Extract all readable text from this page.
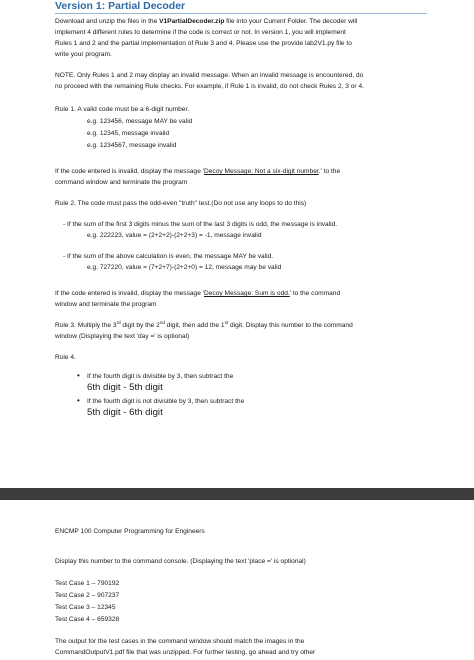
Version 1: Partial Decoder
Download and unzip the files in the V1PartialDecoder.zip file into your Current Folder. The decoder will
implement 4 different rules to determine if the code is correct or not. In version 1, you will implement
Rules 1 and 2 and the partial implementation of Rule 3 and 4. Please use the provide lab2V1.py file to
write your program.
NOTE. Only Rules 1 and 2 may display an invalid message. When an invalid message is encountered, do
no proceed with the remaining Rule checks. For example, if Rule 1 is invalid, do not check Rules 2, 3 or 4.
Rule 1. A valid code must be a 6-digit number.
e.g. 123456, message MAY be valid
e.g. 12345, message invalid
e.g. 1234567, message invalid
If the code entered is invalid, display the message 'Decoy Message: Not a six-digit number.' to the
command window and terminate the program
Rule 2. The code must pass the odd-even "truth" test.(Do not use any loops to do this)
- If the sum of the first 3 digits minus the sum of the last 3 digits is odd, the message is invalid.
e.g. 222223, value = (2+2+2)-(2+2+3) = -1, message invalid
- If the sum of the above calculation is even, the message MAY be valid.
e.g. 727220, value = (7+2+7)-(2+2+0) = 12, message may be valid
If the code entered is invalid, display the message 'Decoy Message: Sum is odd.' to the command
window and terminate the program
Rule 3. Multiply the 3rd digit by the 2nd digit, then add the 1st digit. Display this number to the command
window (Displaying the text 'day =' is optional)
Rule 4.
• If the fourth digit is divisible by 3, then subtract the
6th digit - 5th digit
• If the fourth digit is not divisible by 3, then subtract the
5th digit - 6th digit
ENCMP 100 Computer Programming for Engineers
Display this number to the command console. (Displaying the text 'place =' is optional)
Test Case 1 – 790192
Test Case 2 – 907237
Test Case 3 – 12345
Test Case 4 – 659328
The output for the test cases in the command window should match the images in the
CommandOutputV1.pdf file that was unzipped. For further testing, go ahead and try other
